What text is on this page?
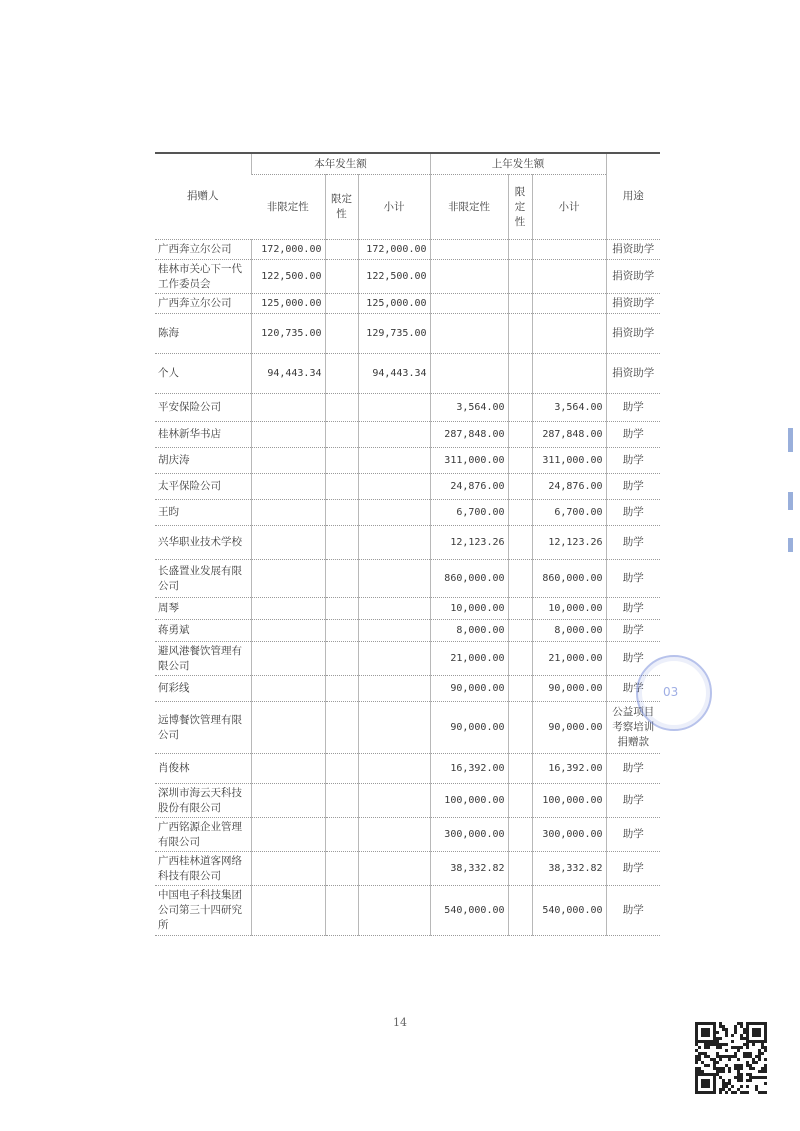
捐赠人	本年发生额			上年发生额			用途
	非限定性	限定性	小计	非限定性	限定性	小计	
广西奔立尔公司	172,000.00		172,000.00				捐资助学
桂林市关心下一代工作委员会	122,500.00		122,500.00				捐资助学
广西奔立尔公司	125,000.00		125,000.00				捐资助学
陈海	120,735.00		129,735.00				捐资助学
个人	94,443.34		94,443.34				捐资助学
平安保险公司				3,564.00		3,564.00	助学
桂林新华书店				287,848.00		287,848.00	助学
胡庆涛				311,000.00		311,000.00	助学
太平保险公司				24,876.00		24,876.00	助学
王昀				6,700.00		6,700.00	助学
兴华职业技术学校				12,123.26		12,123.26	助学
长盛置业发展有限公司				860,000.00		860,000.00	助学
周琴				10,000.00		10,000.00	助学
蒋勇斌				8,000.00		8,000.00	助学
避风港餐饮管理有限公司				21,000.00		21,000.00	助学
何彩线				90,000.00		90,000.00	助学
远博餐饮管理有限公司				90,000.00		90,000.00	公益项目考察培训捐赠款
肖俊林				16,392.00		16,392.00	助学
深圳市海云天科技股份有限公司				100,000.00		100,000.00	助学
广西铭源企业管理有限公司				300,000.00		300,000.00	助学
广西桂林道客网络科技有限公司				38,332.82		38,332.82	助学
中国电子科技集团公司第三十四研究所				540,000.00		540,000.00	助学
03
14
